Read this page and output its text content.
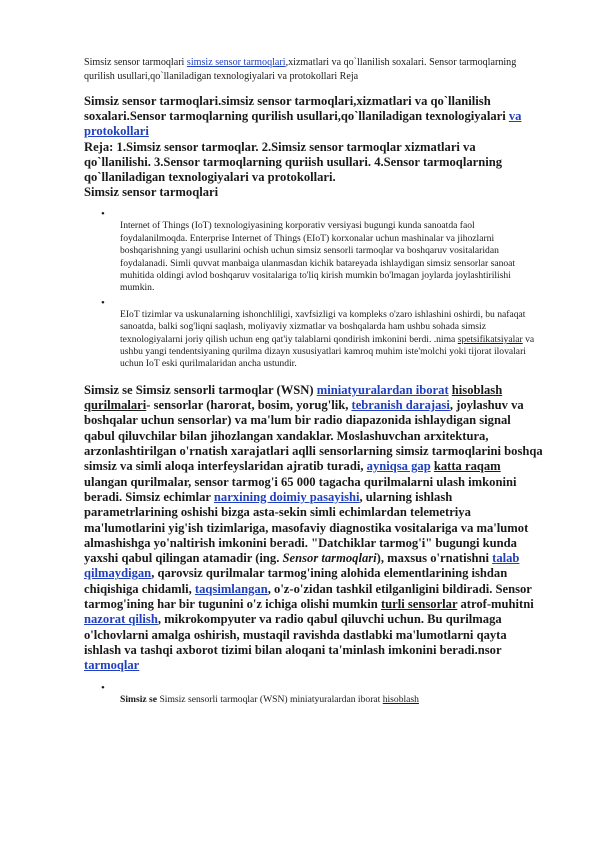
Simsiz sensor tarmoqlari simsiz sensor tarmoqlari,xizmatlari va qo`llanilish soxalari. Sensor tarmoqlarning qurilish usullari,qo`llaniladigan texnologiyalari va protokollari Reja

Simsiz sensor tarmoqlari.simsiz sensor tarmoqlari,xizmatlari va qo`llanilish soxalari.Sensor tarmoqlarning qurilish usullari,qo`llaniladigan texnologiyalari va protokollari
Reja: 1.Simsiz sensor tarmoqlar. 2.Simsiz sensor tarmoqlar xizmatlari va qo`llanilishi. 3.Sensor tarmoqlarning quriish usullari. 4.Sensor tarmoqlarning qo`llaniladigan texnologiyalari va protokollari.
Simsiz sensor tarmoqlari
•

Internet of Things (IoT) texnologiyasining korporativ versiyasi bugungi kunda sanoatda faol foydalanilmoqda. Enterprise Internet of Things (EIoT) korxonalar uchun mashinalar va jihozlarni boshqarishning yangi usullarini ochish uchun simsiz sensorli tarmoqlar va boshqaruv vositalaridan foydalanadi. Simli quvvat manbaiga ulanmasdan kichik batareyada ishlaydigan simsiz sensorlar sanoat muhitida oldingi avlod boshqaruv vositalariga to'liq kirish mumkin bo'lmagan joylarda joylashtirilishi mumkin.

•

EIoT tizimlar va uskunalarning ishonchliligi, xavfsizligi va kompleks o'zaro ishlashini oshirdi, bu nafaqat sanoatda, balki sog'liqni saqlash, moliyaviy xizmatlar va boshqalarda ham ushbu sohada simsiz texnologiyalarni joriy qilish uchun eng qat'iy talablarni qondirish imkonini berdi. .nima spetsifikatsiyalar va ushbu yangi tendentsiyaning qurilma dizayn xususiyatlari kamroq muhim iste'molchi yoki tijorat ilovalari uchun IoT eski qurilmalaridan ancha ustundir.

Simsiz se Simsiz sensorli tarmoqlar (WSN) miniatyuralardan iborat hisoblash qurilmalari- sensorlar (harorat, bosim, yorug'lik, tebranish darajasi, joylashuv va boshqalar uchun sensorlar) va ma'lum bir radio diapazonida ishlaydigan signal qabul qiluvchilar bilan jihozlangan xandaklar. Moslashuvchan arxitektura, arzonlashtirilgan o'rnatish xarajatlari aqlli sensorlarning simsiz tarmoqlarini boshqa simsiz va simli aloqa interfeyslaridan ajratib turadi, ayniqsa gap katta raqam ulangan qurilmalar, sensor tarmog'i 65 000 tagacha qurilmalarni ulash imkonini beradi. Simsiz echimlar narxining doimiy pasayishi, ularning ishlash parametrlarining oshishi bizga asta-sekin simli echimlardan telemetriya ma'lumotlarini yig'ish tizimlariga, masofaviy diagnostika vositalariga va ma'lumot almashishga yo'naltirish imkonini beradi. "Datchiklar tarmog'i" bugungi kunda yaxshi qabul qilingan atamadir (ing. Sensor tarmoqlari), maxsus o'rnatishni talab qilmaydigan, qarovsiz qurilmalar tarmog'ining alohida elementlarining ishdan chiqishiga chidamli, taqsimlangan, o'z-o'zidan tashkil etilganligini bildiradi. Sensor tarmog'ining har bir tugunini o'z ichiga olishi mumkin turli sensorlar atrof-muhitni nazorat qilish, mikrokompyuter va radio qabul qiluvchi uchun. Bu qurilmaga o'lchovlarni amalga oshirish, mustaqil ravishda dastlabki ma'lumotlarni qayta ishlash va tashqi axborot tizimi bilan aloqani ta'minlash imkonini beradi.nsor tarmoqlar

•

Simsiz se Simsiz sensorli tarmoqlar (WSN) miniatyuralardan iborat hisoblash
